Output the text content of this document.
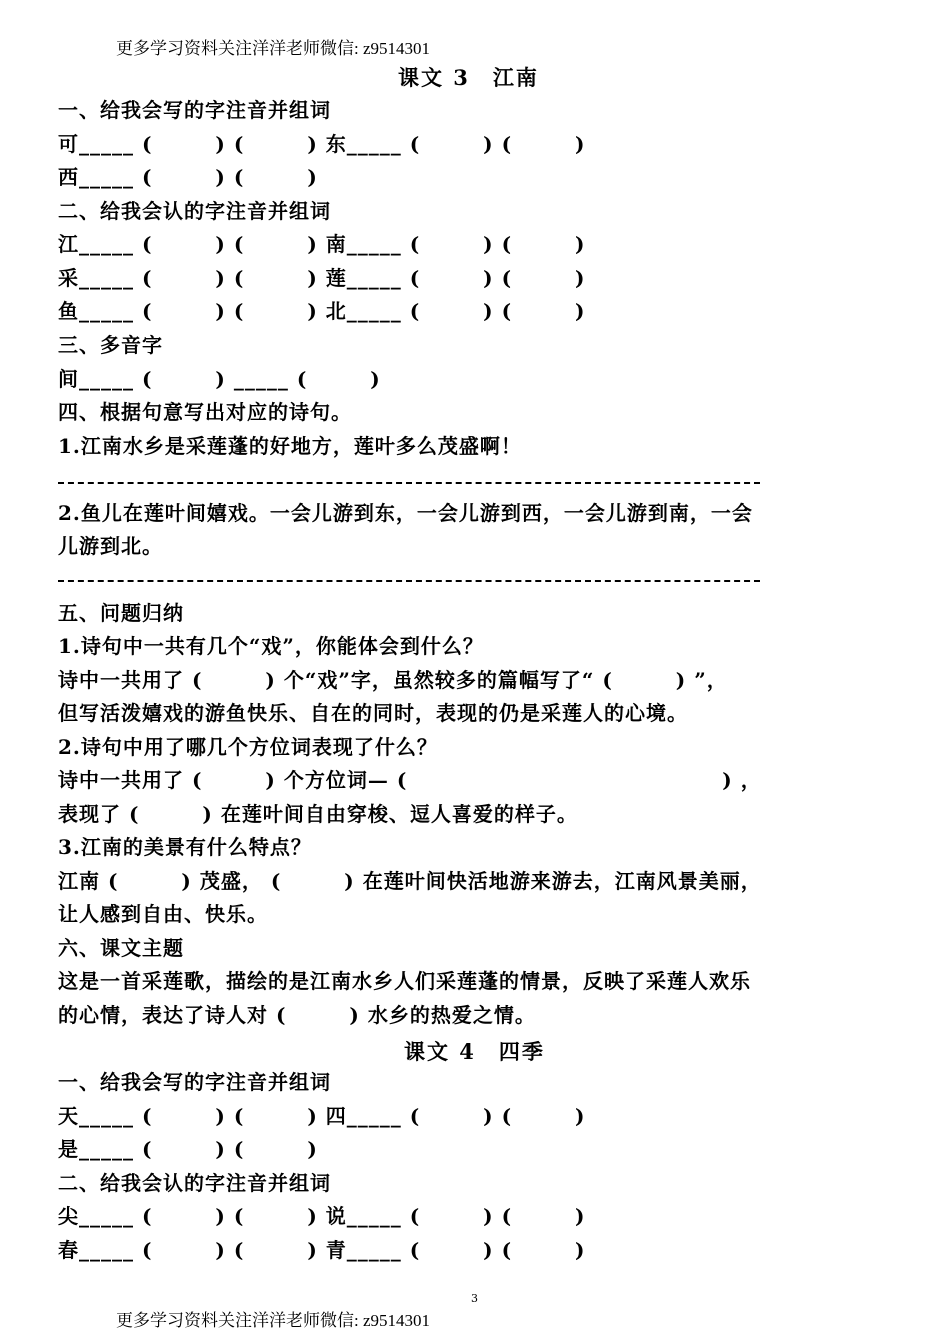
更多学习资料关注洋洋老师微信: z9514301
课文 3　江南
一、给我会写的字注音并组词
可_____ (　　　) (　　　) 东_____ (　　　) (　　　)
西_____ (　　　) (　　　)
二、给我会认的字注音并组词
江_____ (　　　) (　　　) 南_____ (　　　) (　　　)
采_____ (　　　) (　　　) 莲_____ (　　　) (　　　)
鱼_____ (　　　) (　　　) 北_____ (　　　) (　　　)
三、多音字
间_____ (　　　) _____ (　　　)
四、根据句意写出对应的诗句。
1.江南水乡是采莲蓬的好地方，莲叶多么茂盛啊！
2.鱼儿在莲叶间嬉戏。一会儿游到东，一会儿游到西，一会儿游到南，一会
儿游到北。
五、问题归纳
1.诗句中一共有几个“戏”，你能体会到什么？
诗中一共用了 (　　　) 个“戏”字，虽然较多的篇幅写了“ (　　　) ”，
但写活泼嬉戏的游鱼快乐、自在的同时，表现的仍是采莲人的心境。
2.诗句中用了哪几个方位词表现了什么？
诗中一共用了 (　　　) 个方位词— (　　　　　　　　　　　　　　　) ，
表现了 (　　　) 在莲叶间自由穿梭、逗人喜爱的样子。
3.江南的美景有什么特点？
江南 (　　　) 茂盛， (　　　) 在莲叶间快活地游来游去，江南风景美丽，
让人感到自由、快乐。
六、课文主题
这是一首采莲歌，描绘的是江南水乡人们采莲蓬的情景，反映了采莲人欢乐
的心情，表达了诗人对 (　　　) 水乡的热爱之情。
课文 4　四季
一、给我会写的字注音并组词
天_____ (　　　) (　　　) 四_____ (　　　) (　　　)
是_____ (　　　) (　　　)
二、给我会认的字注音并组词
尖_____ (　　　) (　　　) 说_____ (　　　) (　　　)
春_____ (　　　) (　　　) 青_____ (　　　) (　　　)
3
更多学习资料关注洋洋老师微信: z9514301
